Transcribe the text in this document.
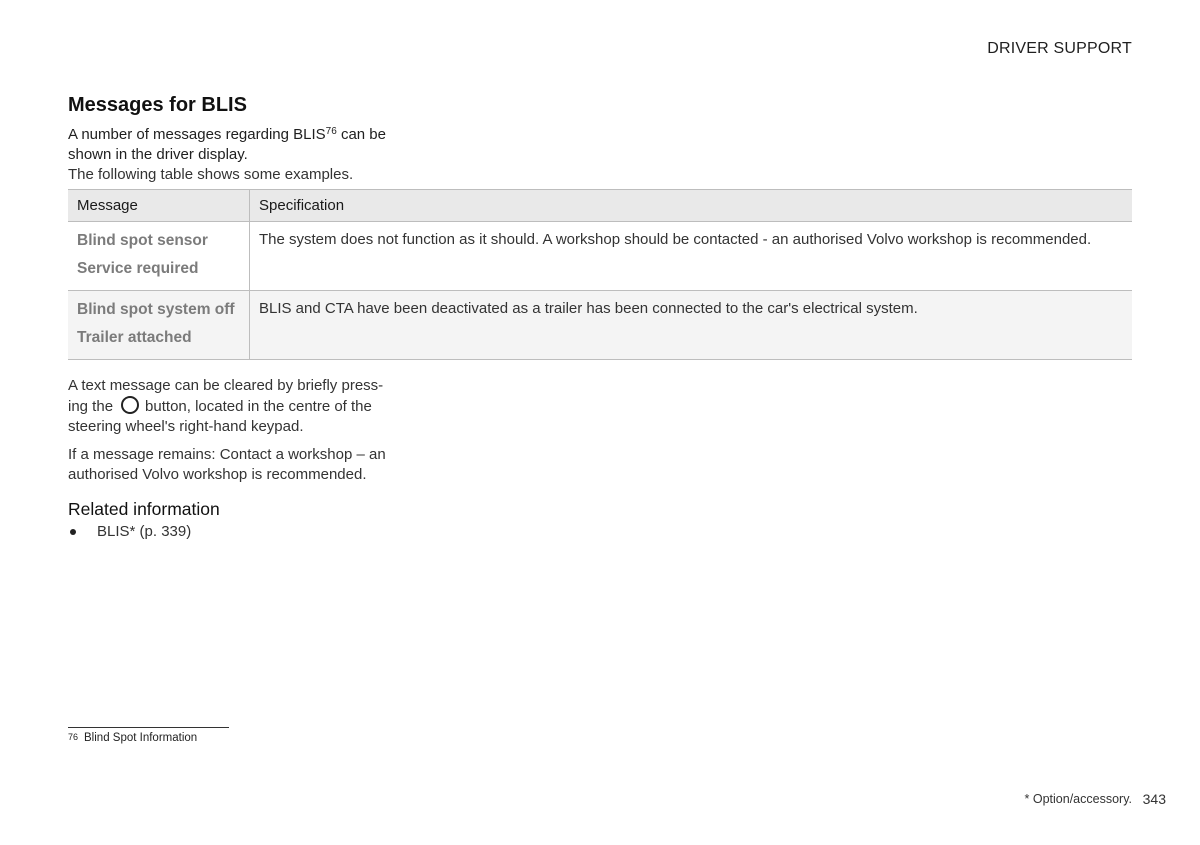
DRIVER SUPPORT
Messages for BLIS
A number of messages regarding BLIS$^{76}$ can be shown in the driver display.
The following table shows some examples.
Message	Specification

Blind spot sensor
Service required	The system does not function as it should. A workshop should be contacted - an authorised Volvo workshop is recommended.

Blind spot system off
Trailer attached	BLIS and CTA have been deactivated as a trailer has been connected to the car's electrical system.

A text message can be cleared by briefly press-ing the button, located in the centre of the steering wheel's right-hand keypad.

If a message remains: Contact a workshop – an authorised Volvo workshop is recommended.

Related information
BLIS* (p. 339)
$^{76}$ Blind Spot Information
* Option/accessory. 343
